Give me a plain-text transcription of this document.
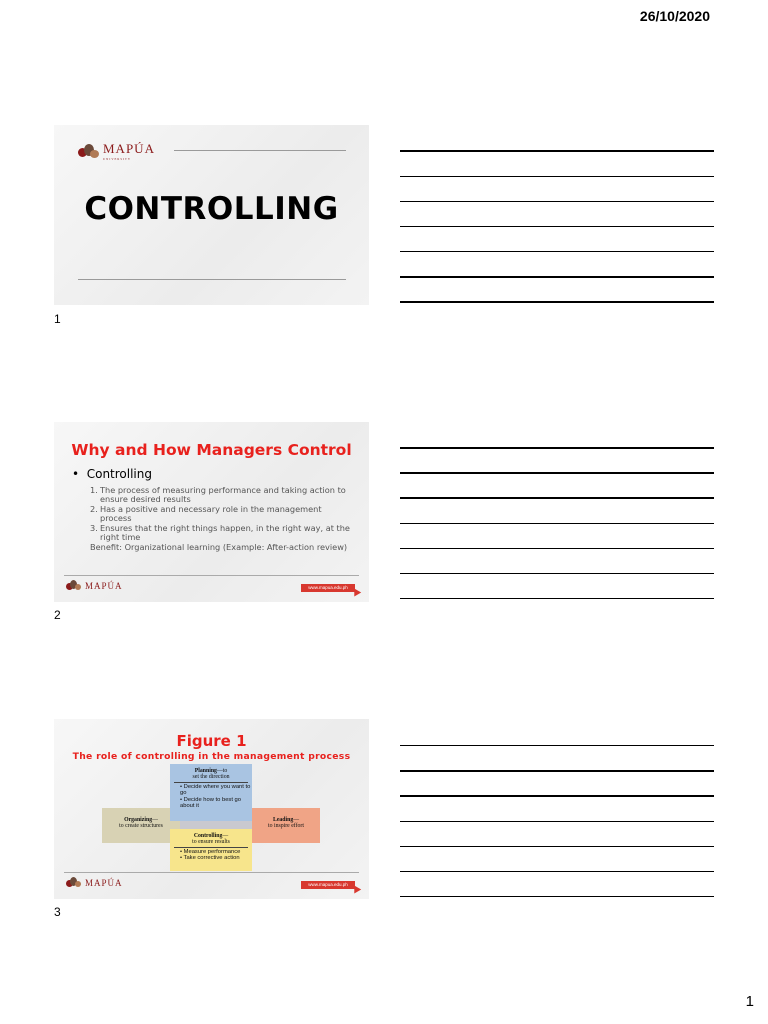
26/10/2020
MAPÚA
UNIVERSITY
CONTROLLING
1
Why and How Managers Control
•  Controlling
1. The process of measuring performance and taking action to ensure desired results
2. Has a positive and necessary role in the management process
3. Ensures that the right things happen, in the right way, at the right time
Benefit: Organizational learning (Example: After-action review)
MAPÚA	www.mapua.edu.ph
2
Figure 1
The role of controlling in the management process
Organizing—
to create structures
Leading—
to inspire effort
Planning—to
set the direction
• Decide where you want to go
• Decide how to best go about it
Controlling—
to ensure results
• Measure performance
• Take corrective action
MAPÚA	www.mapua.edu.ph
3
1
